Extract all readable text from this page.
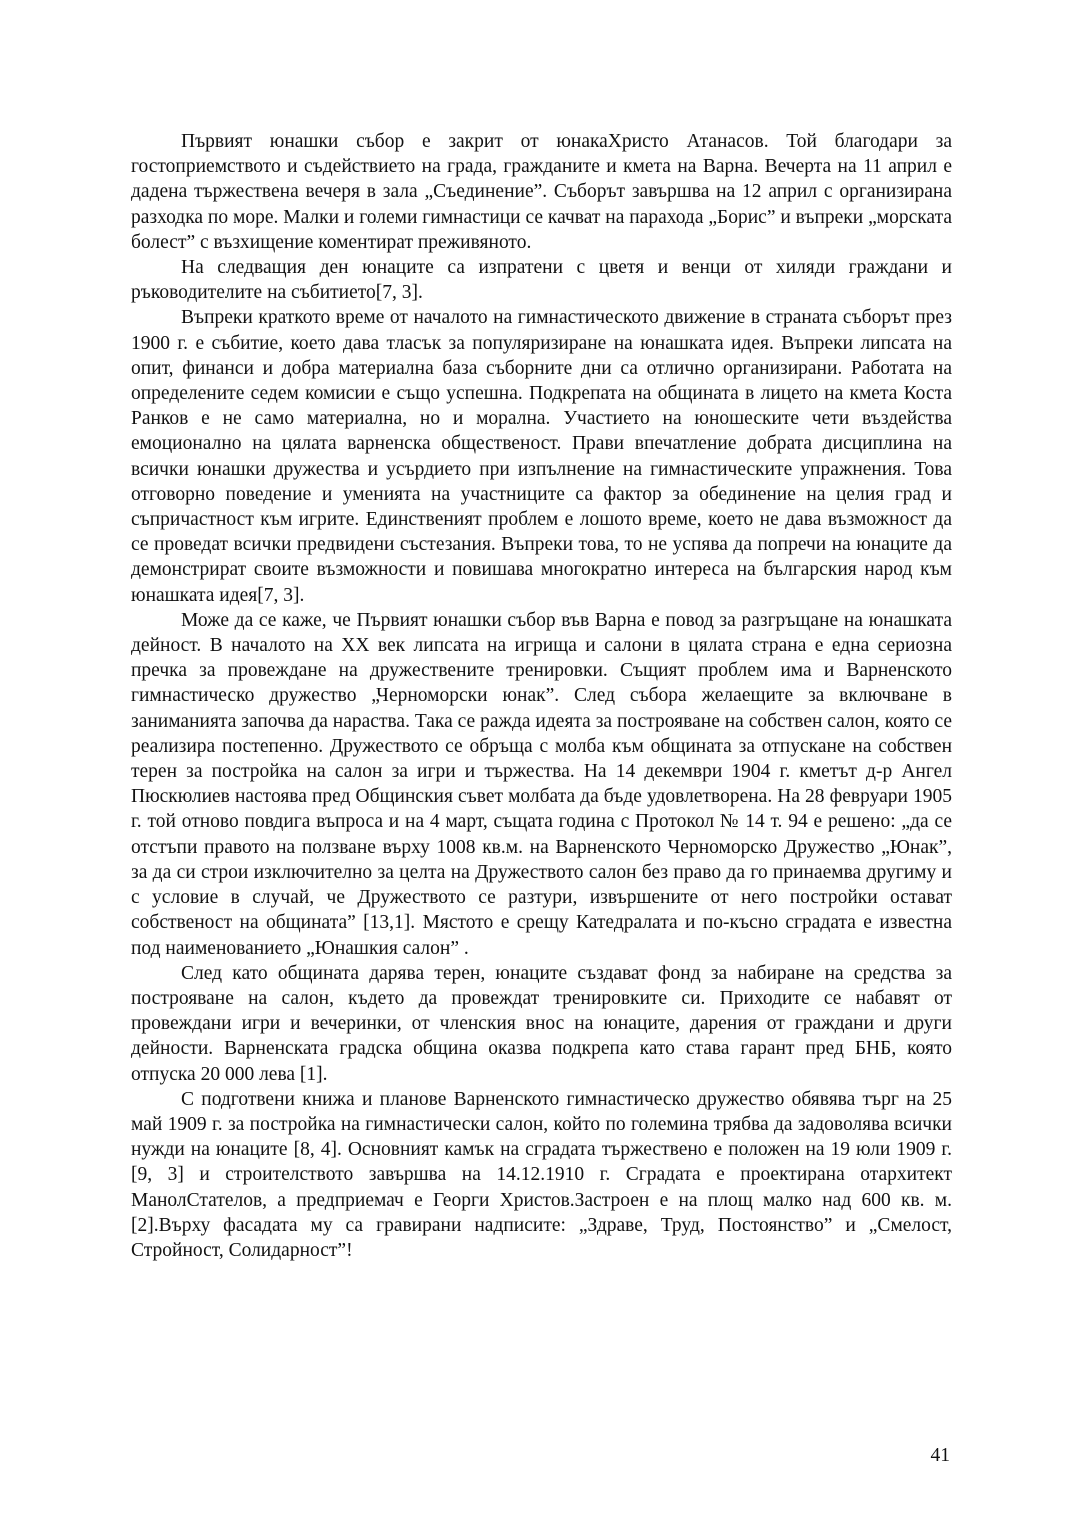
Първият юнашки събор е закрит от юнакаХристо Атанасов. Той благодари за гостоприемството и съдействието на града, гражданите и кмета на Варна. Вечерта на 11 април е дадена тържествена вечеря в зала „Съединение”. Съборът завършва на 12 април с организирана разходка по море. Малки и големи гимнастици се качват на парахода „Борис” и въпреки „морската болест” с възхищение коментират преживяното.

На следващия ден юнаците са изпратени с цветя и венци от хиляди граждани и ръководителите на събитието[7, 3].

Въпреки краткото време от началото на гимнастическото движение в страната съборът през 1900 г. е събитие, което дава тласък за популяризиране на юнашката идея. Въпреки липсата на опит, финанси и добра материална база съборните дни са отлично организирани. Работата на определените седем комисии е също успешна. Подкрепата на общината в лицето на кмета Коста Ранков е не само материална, но и морална. Участието на юношеските чети въздейства емоционално на цялата варненска общественост. Прави впечатление добрата дисциплина на всички юнашки дружества и усърдието при изпълнение на гимнастическите упражнения. Това отговорно поведение и уменията на участниците са фактор за обединение на целия град и съпричастност към игрите. Единственият проблем е лошото време, което не дава възможност да се проведат всички предвидени състезания. Въпреки това, то не успява да попречи на юнаците да демонстрират своите възможности и повишава многократно интереса на българския народ към юнашката идея[7, 3].

Може да се каже, че Първият юнашки събор във Варна е повод за разгръщане на юнашката дейност. В началото на XX век липсата на игрища и салони в цялата страна е една сериозна пречка за провеждане на дружествените тренировки. Същият проблем има и Варненското гимнастическо дружество „Черноморски юнак”. След събора желаещите за включване в заниманията започва да нараства. Така се ражда идеята за построяване на собствен салон, която се реализира постепенно. Дружеството се обръща с молба към общината за отпускане на собствен терен за постройка на салон за игри и тържества. На 14 декември 1904 г. кметът д-р Ангел Пюскюлиев настоява пред Общинския съвет молбата да бъде удовлетворена. На 28 февруари 1905 г. той отново повдига въпроса и на 4 март, същата година с Протокол № 14 т. 94 е решено: „да се отстъпи правото на ползване върху 1008 кв.м. на Варненското Черноморско Дружество „Юнак”, за да си строи изключително за целта на Дружеството салон без право да го принаемва другиму и с условие в случай, че Дружеството се разтури, извършените от него постройки остават собственост на общината” [13,1]. Мястото е срещу Катедралата и по-късно сградата е известна под наименованието „Юнашкия салон” .

След като общината дарява терен, юнаците създават фонд за набиране на средства за построяване на салон, където да провеждат тренировките си. Приходите се набавят от провеждани игри и вечеринки, от членския внос на юнаците, дарения от граждани и други дейности. Варненската градска община оказва подкрепа като става гарант пред БНБ, която отпуска 20 000 лева [1].

С подготвени книжа и планове Варненското гимнастическо дружество обявява търг на 25 май 1909 г. за постройка на гимнастически салон, който по големина трябва да задоволява всички нужди на юнаците [8, 4]. Основният камък на сградата тържествено е положен на 19 юли 1909 г. [9, 3] и строителството завършва на 14.12.1910 г. Сградата е проектирана отархитект МанолСтателов, а предприемач е Георги Христов.Застроен е на площ малко над 600 кв. м. [2].Върху фасадата му са гравирани надписите: „Здраве, Труд, Постоянство” и „Смелост, Стройност, Солидарност”!

41
